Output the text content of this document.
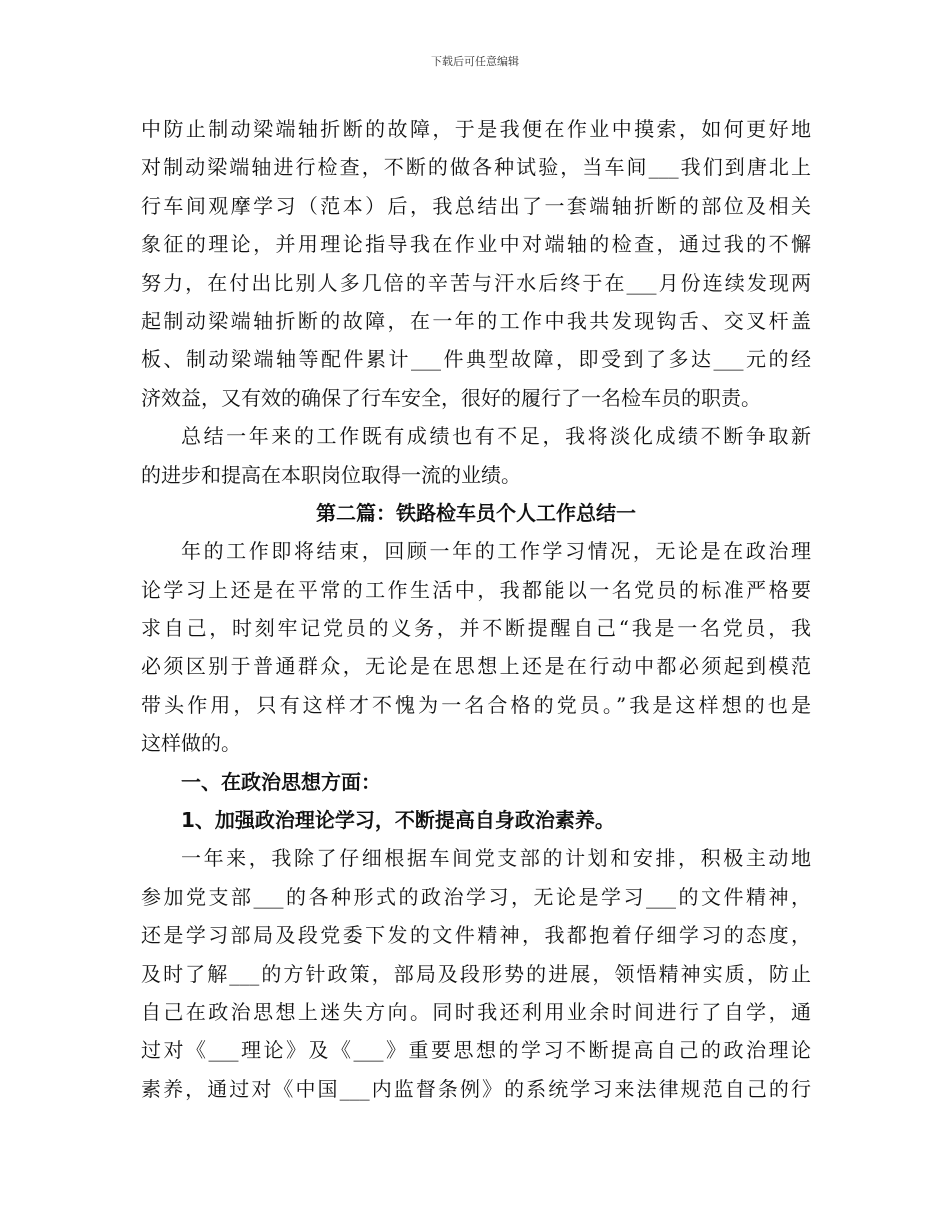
下载后可任意编辑
中防止制动梁端轴折断的故障，于是我便在作业中摸索，如何更好地
对制动梁端轴进行检查，不断的做各种试验，当车间___我们到唐北上
行车间观摩学习（范本）后，我总结出了一套端轴折断的部位及相关
象征的理论，并用理论指导我在作业中对端轴的检查，通过我的不懈
努力，在付出比别人多几倍的辛苦与汗水后终于在___月份连续发现两
起制动梁端轴折断的故障，在一年的工作中我共发现钩舌、交叉杆盖
板、制动梁端轴等配件累计___件典型故障，即受到了多达___元的经
济效益，又有效的确保了行车安全，很好的履行了一名检车员的职责。
总结一年来的工作既有成绩也有不足，我将淡化成绩不断争取新
的进步和提高在本职岗位取得一流的业绩。
第二篇：铁路检车员个人工作总结一
年的工作即将结束，回顾一年的工作学习情况，无论是在政治理
论学习上还是在平常的工作生活中，我都能以一名党员的标准严格要
求自己，时刻牢记党员的义务，并不断提醒自己“我是一名党员，我
必须区别于普通群众，无论是在思想上还是在行动中都必须起到模范
带头作用，只有这样才不愧为一名合格的党员。”我是这样想的也是
这样做的。
一、在政治思想方面：
1、加强政治理论学习，不断提高自身政治素养。
一年来，我除了仔细根据车间党支部的计划和安排，积极主动地
参加党支部___的各种形式的政治学习，无论是学习___的文件精神，
还是学习部局及段党委下发的文件精神，我都抱着仔细学习的态度，
及时了解___的方针政策，部局及段形势的进展，领悟精神实质，防止
自己在政治思想上迷失方向。同时我还利用业余时间进行了自学，通
过对《___理论》及《___》重要思想的学习不断提高自己的政治理论
素养，通过对《中国___内监督条例》的系统学习来法律规范自己的行
